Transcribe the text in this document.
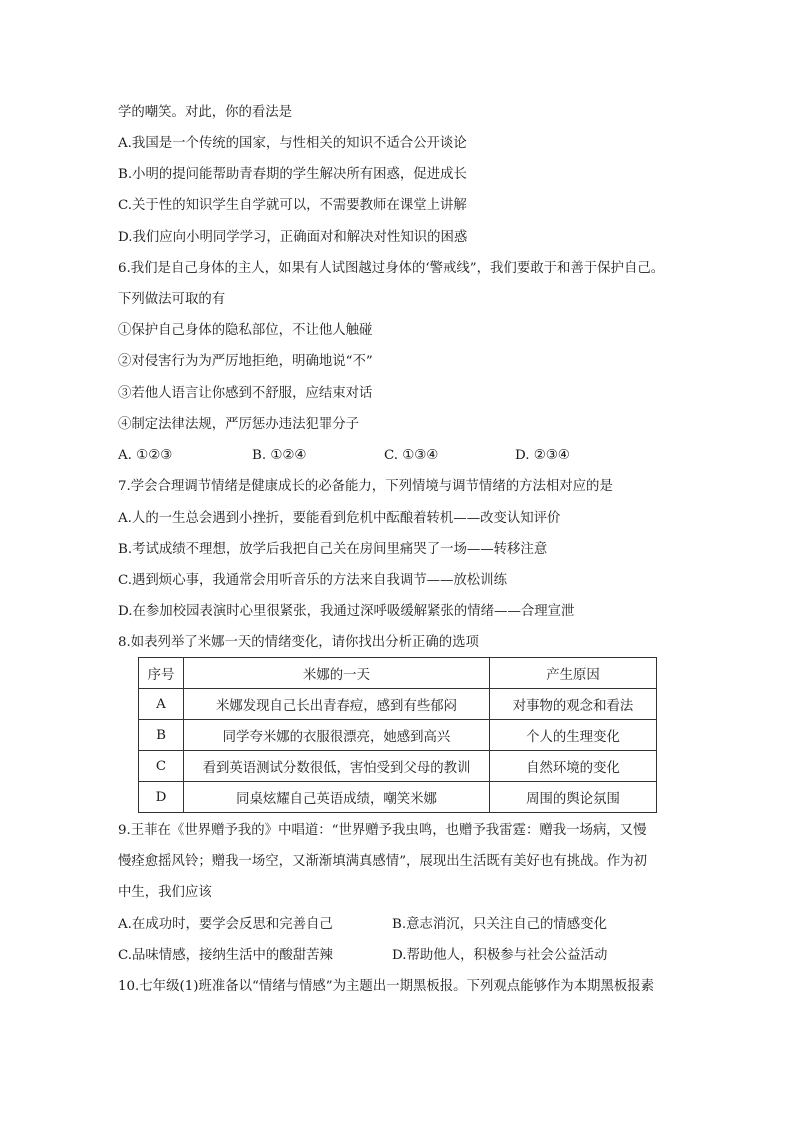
学的嘲笑。对此，你的看法是
A.我国是一个传统的国家，与性相关的知识不适合公开谈论
B.小明的提问能帮助青春期的学生解决所有困惑，促进成长
C.关于性的知识学生自学就可以，不需要教师在课堂上讲解
D.我们应向小明同学学习，正确面对和解决对性知识的困惑
6.我们是自己身体的主人，如果有人试图越过身体的‘警戒线”，我们要敢于和善于保护自己。
下列做法可取的有
①保护自己身体的隐私部位，不让他人触碰
②对侵害行为为严厉地拒绝，明确地说“不”
③若他人语言让你感到不舒服，应结束对话
④制定法律法规，严厉惩办违法犯罪分子
A. ①②③	B. ①②④	C. ①③④	D. ②③④
7.学会合理调节情绪是健康成长的必备能力，下列情境与调节情绪的方法相对应的是
A.人的一生总会遇到小挫折，要能看到危机中酝酿着转机——改变认知评价
B.考试成绩不理想，放学后我把自己关在房间里痛哭了一场——转移注意
C.遇到烦心事，我通常会用听音乐的方法来自我调节——放松训练
D.在参加校园表演时心里很紧张，我通过深呼吸缓解紧张的情绪——合理宣泄
8.如表列举了米娜一天的情绪变化，请你找出分析正确的选项
序号	米娜的一天	产生原因
A	米娜发现自己长出青春痘，感到有些郁闷	对事物的观念和看法
B	同学夸米娜的衣服很漂亮，她感到高兴	个人的生理变化
C	看到英语测试分数很低，害怕受到父母的教训	自然环境的变化
D	同桌炫耀自己英语成绩，嘲笑米娜	周围的舆论氛围
9.王菲在《世界赠予我的》中唱道：“世界赠予我虫鸣，也赠予我雷霆：赠我一场病，又慢
慢痊愈摇风铃；赠我一场空，又渐渐填满真感情”，展现出生活既有美好也有挑战。作为初
中生，我们应该
A.在成功时，要学会反思和完善自己	B.意志消沉，只关注自己的情感变化
C.品味情感，接纳生活中的酸甜苦辣	D.帮助他人，积极参与社会公益活动
10.七年级(1)班准备以“情绪与情感”为主题出一期黑板报。下列观点能够作为本期黑板报素
